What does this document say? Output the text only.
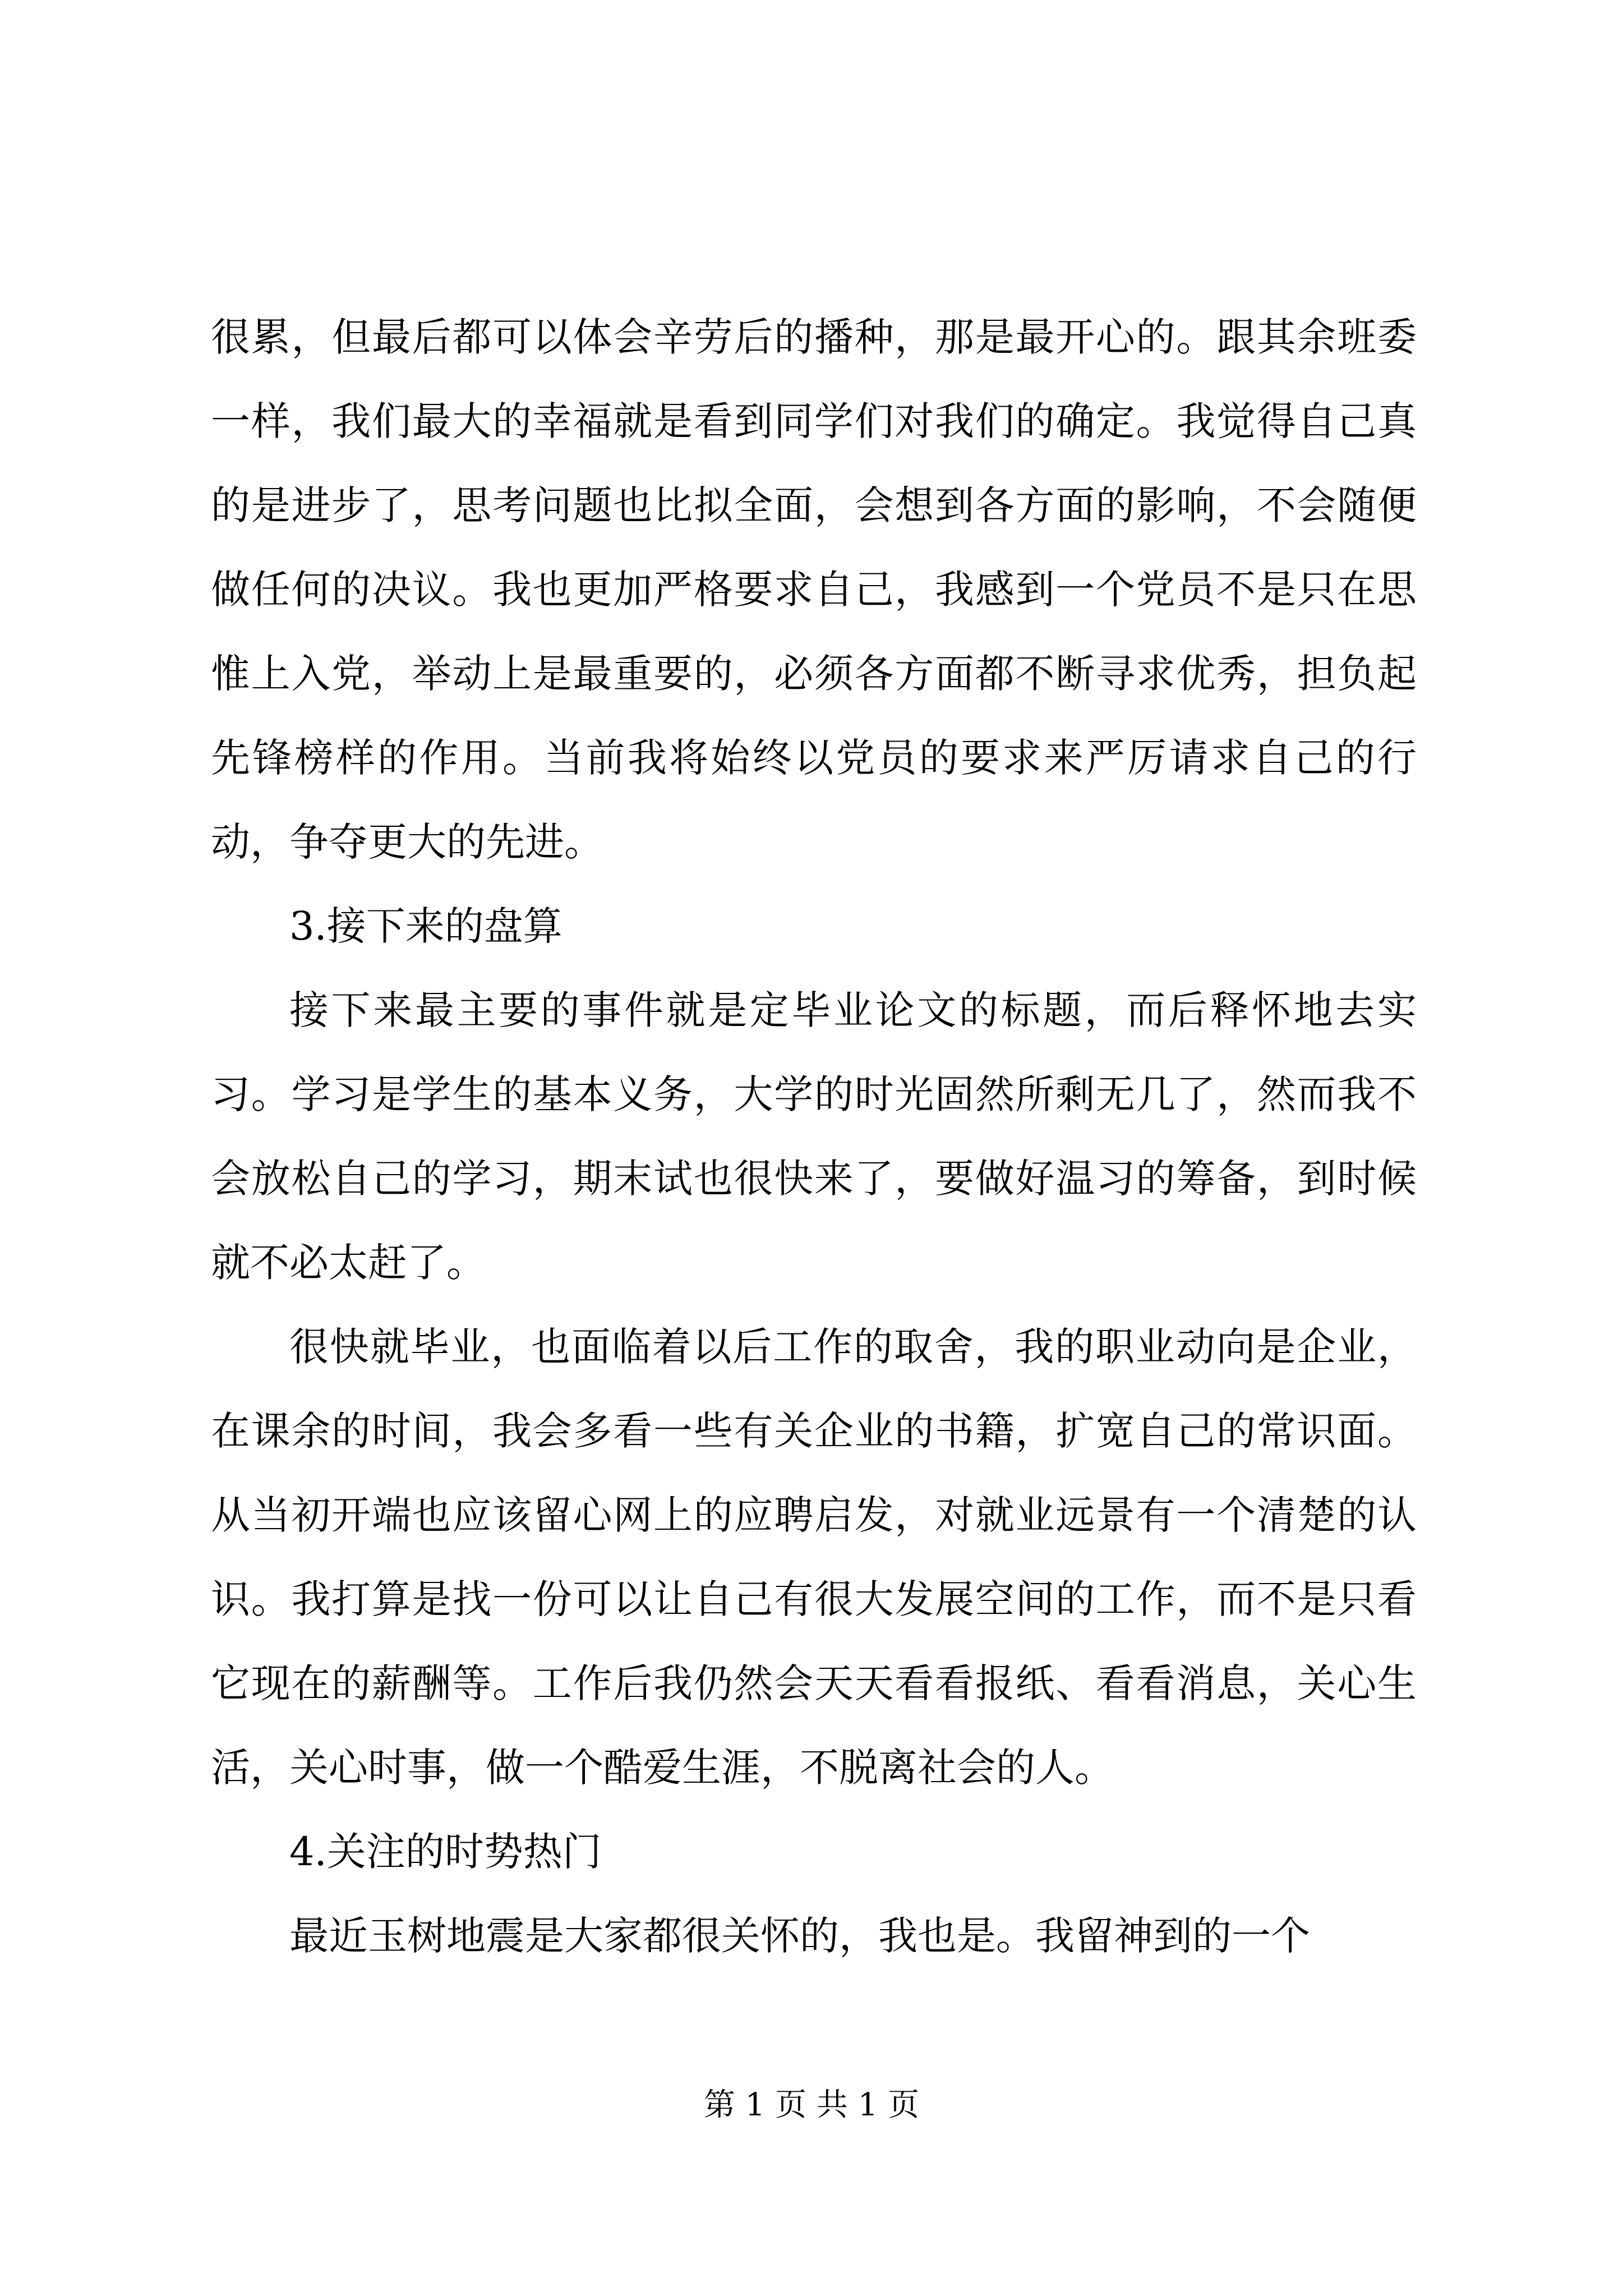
很累，但最后都可以体会辛劳后的播种，那是最开心的。跟其余班委一样，我们最大的幸福就是看到同学们对我们的确定。我觉得自己真的是进步了，思考问题也比拟全面，会想到各方面的影响，不会随便做任何的决议。我也更加严格要求自己，我感到一个党员不是只在思惟上入党，举动上是最重要的，必须各方面都不断寻求优秀，担负起先锋榜样的作用。当前我将始终以党员的要求来严厉请求自己的行动，争夺更大的先进。

3.接下来的盘算

接下来最主要的事件就是定毕业论文的标题，而后释怀地去实习。学习是学生的基本义务，大学的时光固然所剩无几了，然而我不会放松自己的学习，期末试也很快来了，要做好温习的筹备，到时候就不必太赶了。

很快就毕业，也面临着以后工作的取舍，我的职业动向是企业，在课余的时间，我会多看一些有关企业的书籍，扩宽自己的常识面。从当初开端也应该留心网上的应聘启发，对就业远景有一个清楚的认识。我打算是找一份可以让自己有很大发展空间的工作，而不是只看它现在的薪酬等。工作后我仍然会天天看看报纸、看看消息，关心生活，关心时事，做一个酷爱生涯，不脱离社会的人。

4.关注的时势热门

最近玉树地震是大家都很关怀的，我也是。我留神到的一个

第 1 页 共 1 页
